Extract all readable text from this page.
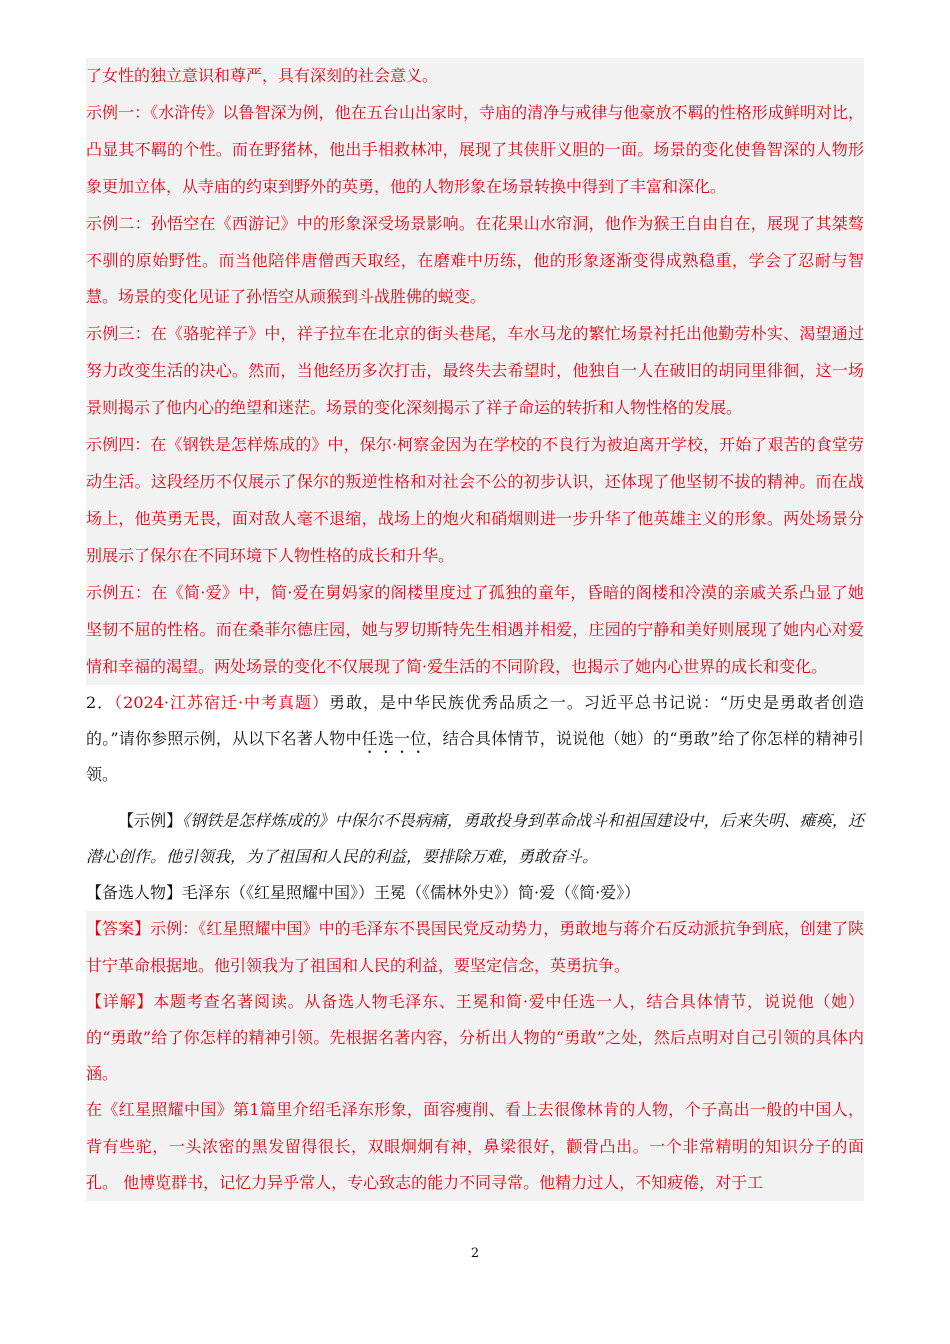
了女性的独立意识和尊严，具有深刻的社会意义。

示例一：《水浒传》以鲁智深为例，他在五台山出家时，寺庙的清净与戒律与他豪放不羁的性格形成鲜明对比，凸显其不羁的个性。而在野猪林，他出手相救林冲，展现了其侠肝义胆的一面。场景的变化使鲁智深的人物形象更加立体，从寺庙的约束到野外的英勇，他的人物形象在场景转换中得到了丰富和深化。

示例二：孙悟空在《西游记》中的形象深受场景影响。在花果山水帘洞，他作为猴王自由自在，展现了其桀骜不驯的原始野性。而当他陪伴唐僧西天取经，在磨难中历练，他的形象逐渐变得成熟稳重，学会了忍耐与智慧。场景的变化见证了孙悟空从顽猴到斗战胜佛的蜕变。

示例三：在《骆驼祥子》中，祥子拉车在北京的街头巷尾，车水马龙的繁忙场景衬托出他勤劳朴实、渴望通过努力改变生活的决心。然而，当他经历多次打击，最终失去希望时，他独自一人在破旧的胡同里徘徊，这一场景则揭示了他内心的绝望和迷茫。场景的变化深刻揭示了祥子命运的转折和人物性格的发展。

示例四：在《钢铁是怎样炼成的》中，保尔·柯察金因为在学校的不良行为被迫离开学校，开始了艰苦的食堂劳动生活。这段经历不仅展示了保尔的叛逆性格和对社会不公的初步认识，还体现了他坚韧不拔的精神。而在战场上，他英勇无畏，面对敌人毫不退缩，战场上的炮火和硝烟则进一步升华了他英雄主义的形象。两处场景分别展示了保尔在不同环境下人物性格的成长和升华。

示例五：在《简·爱》中，简·爱在舅妈家的阁楼里度过了孤独的童年，昏暗的阁楼和冷漠的亲戚关系凸显了她坚韧不屈的性格。而在桑菲尔德庄园，她与罗切斯特先生相遇并相爱，庄园的宁静和美好则展现了她内心对爱情和幸福的渴望。两处场景的变化不仅展现了简·爱生活的不同阶段，也揭示了她内心世界的成长和变化。

2．（2024·江苏宿迁·中考真题）勇敢，是中华民族优秀品质之一。习近平总书记说：“历史是勇敢者创造的。”请你参照示例，从以下名著人物中任选一位，结合具体情节，说说他（她）的“勇敢”给了你怎样的精神引领。

【示例】《钢铁是怎样炼成的》中保尔不畏病痛，勇敢投身到革命战斗和祖国建设中，后来失明、瘫痪，还潜心创作。他引领我，为了祖国和人民的利益，要排除万难，勇敢奋斗。

【备选人物】毛泽东（《红星照耀中国》）王冕（《儒林外史》）简·爱（《简·爱》）

【答案】示例：《红星照耀中国》中的毛泽东不畏国民党反动势力，勇敢地与蒋介石反动派抗争到底，创建了陕甘宁革命根据地。他引领我为了祖国和人民的利益，要坚定信念，英勇抗争。

【详解】本题考查名著阅读。从备选人物毛泽东、王冕和简·爱中任选一人，结合具体情节，说说他（她）的“勇敢”给了你怎样的精神引领。先根据名著内容，分析出人物的“勇敢”之处，然后点明对自己引领的具体内涵。

在《红星照耀中国》第1篇里介绍毛泽东形象，面容瘦削、看上去很像林肯的人物，个子高出一般的中国人，背有些驼，一头浓密的黑发留得很长，双眼炯炯有神，鼻梁很好，颧骨凸出。一个非常精明的知识分子的面孔。 他博览群书，记忆力异乎常人，专心致志的能力不同寻常。他精力过人，不知疲倦，对于工

2
